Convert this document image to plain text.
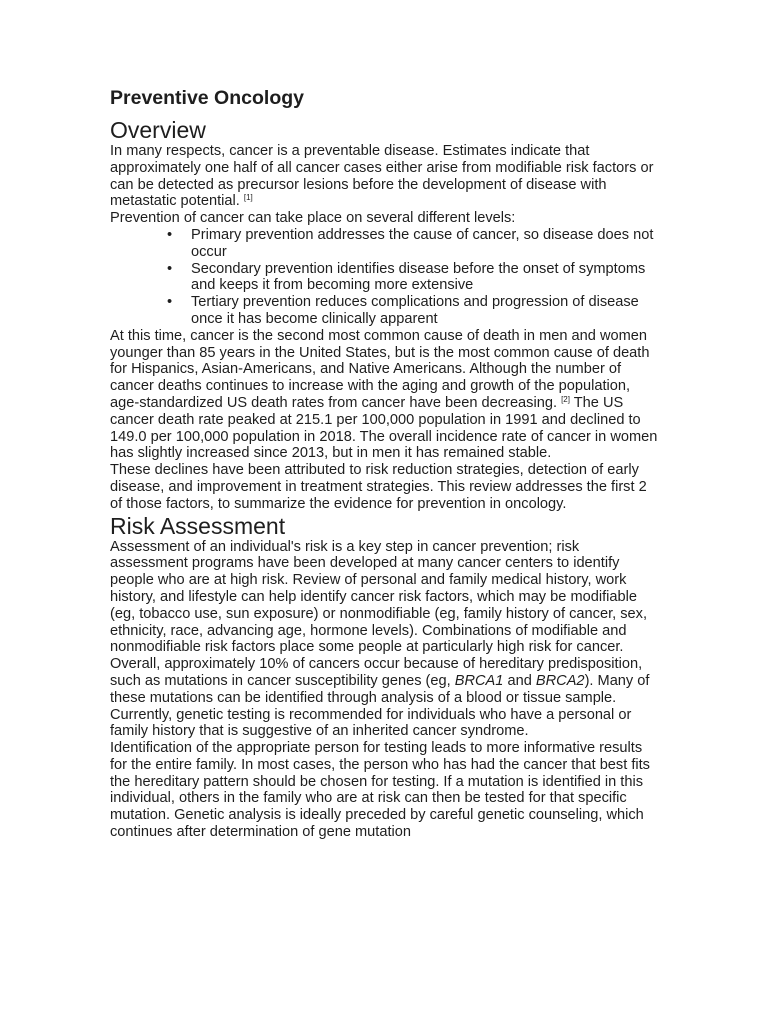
Preventive Oncology
Overview

In many respects, cancer is a preventable disease. Estimates indicate that approximately one half of all cancer cases either arise from modifiable risk factors or can be detected as precursor lesions before the development of disease with metastatic potential. [1]

Prevention of cancer can take place on several different levels:

• Primary prevention addresses the cause of cancer, so disease does not occur
• Secondary prevention identifies disease before the onset of symptoms and keeps it from becoming more extensive
• Tertiary prevention reduces complications and progression of disease once it has become clinically apparent

At this time, cancer is the second most common cause of death in men and women younger than 85 years in the United States, but is the most common cause of death for Hispanics, Asian-Americans, and Native Americans. Although the number of cancer deaths continues to increase with the aging and growth of the population, age-standardized US death rates from cancer have been decreasing. [2] The US cancer death rate peaked at 215.1 per 100,000 population in 1991 and declined to 149.0 per 100,000 population in 2018. The overall incidence rate of cancer in women has slightly increased since 2013, but in men it has remained stable.

These declines have been attributed to risk reduction strategies, detection of early disease, and improvement in treatment strategies. This review addresses the first 2 of those factors, to summarize the evidence for prevention in oncology.

Risk Assessment

Assessment of an individual's risk is a key step in cancer prevention; risk assessment programs have been developed at many cancer centers to identify people who are at high risk. Review of personal and family medical history, work history, and lifestyle can help identify cancer risk factors, which may be modifiable (eg, tobacco use, sun exposure) or nonmodifiable (eg, family history of cancer, sex, ethnicity, race, advancing age, hormone levels). Combinations of modifiable and nonmodifiable risk factors place some people at particularly high risk for cancer.

Overall, approximately 10% of cancers occur because of hereditary predisposition, such as mutations in cancer susceptibility genes (eg, BRCA1 and BRCA2). Many of these mutations can be identified through analysis of a blood or tissue sample. Currently, genetic testing is recommended for individuals who have a personal or family history that is suggestive of an inherited cancer syndrome.

Identification of the appropriate person for testing leads to more informative results for the entire family. In most cases, the person who has had the cancer that best fits the hereditary pattern should be chosen for testing. If a mutation is identified in this individual, others in the family who are at risk can then be tested for that specific mutation. Genetic analysis is ideally preceded by careful genetic counseling, which continues after determination of gene mutation
